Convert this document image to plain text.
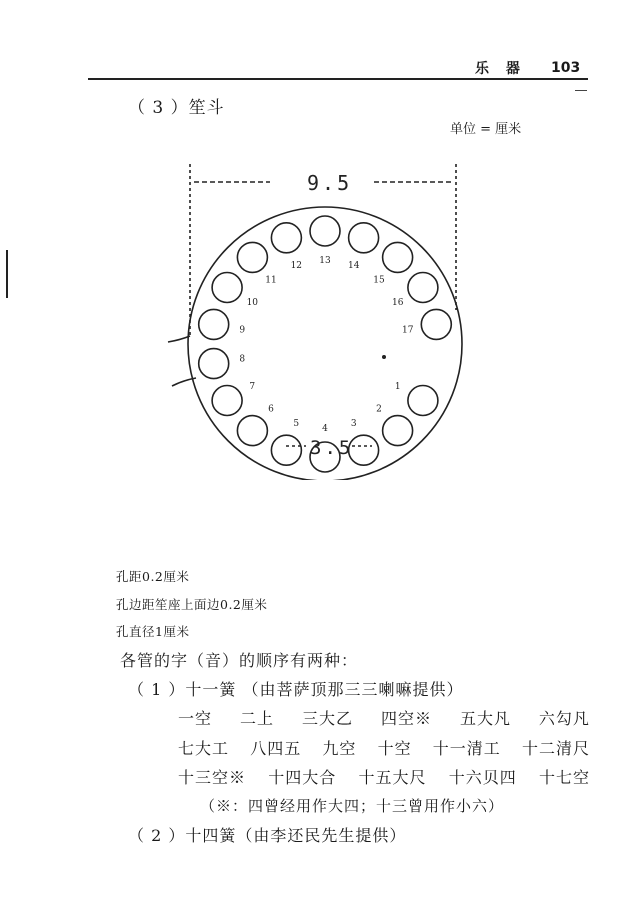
乐 器 103
（ 3 ）笙斗
单位 = 厘米
1
2
3
4
5
6
7
8
9
10
11
12
13
14
15
16
17
9.5
3.5
孔距0.2厘米
孔边距笙座上面边0.2厘米
孔直径1厘米
各管的字（音）的顺序有两种：
（ 1 ）十一簧 （由菩萨顶那三三喇嘛提供）
一空 二上 三大乙 四空※ 五大凡 六勾凡
七大工 八四五 九空 十空 十一清工 十二清尺
十三空※ 十四大合 十五大尺 十六贝四 十七空
（※：四曾经用作大四；十三曾用作小六）
（ 2 ）十四簧（由李还民先生提供）
